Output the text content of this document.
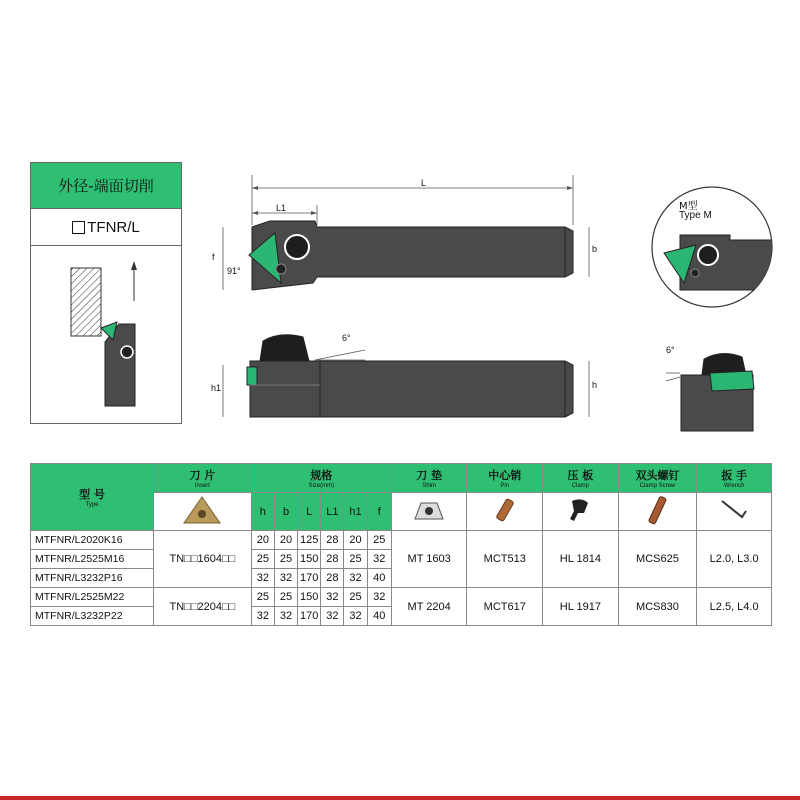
外径-端面切削
TFNR/L
L
L1
f
91°
b
6°
h1	h
M型
Type M
6°
型 号
Type	刀 片
Insert	规格
Size(mm)						刀 垫
Shim	中心销
Pin	压 板
Clamp	双头螺钉
Clamp Screw	扳 手
Wrench

	h	b	L	L1	h1	f					
MTFNR/L2020K16	TN□□1604□□	20	20	125	28	20	25	MT 1603	MCT513	HL 1814	MCS625	L2.0, L3.0
MTFNR/L2525M16		25	25	150	28	25	32					
MTFNR/L3232P16		32	32	170	28	32	40					
MTFNR/L2525M22	TN□□2204□□	25	25	150	32	25	32	MT 2204	MCT617	HL 1917	MCS830	L2.5, L4.0
MTFNR/L3232P22		32	32	170	32	32	40					
